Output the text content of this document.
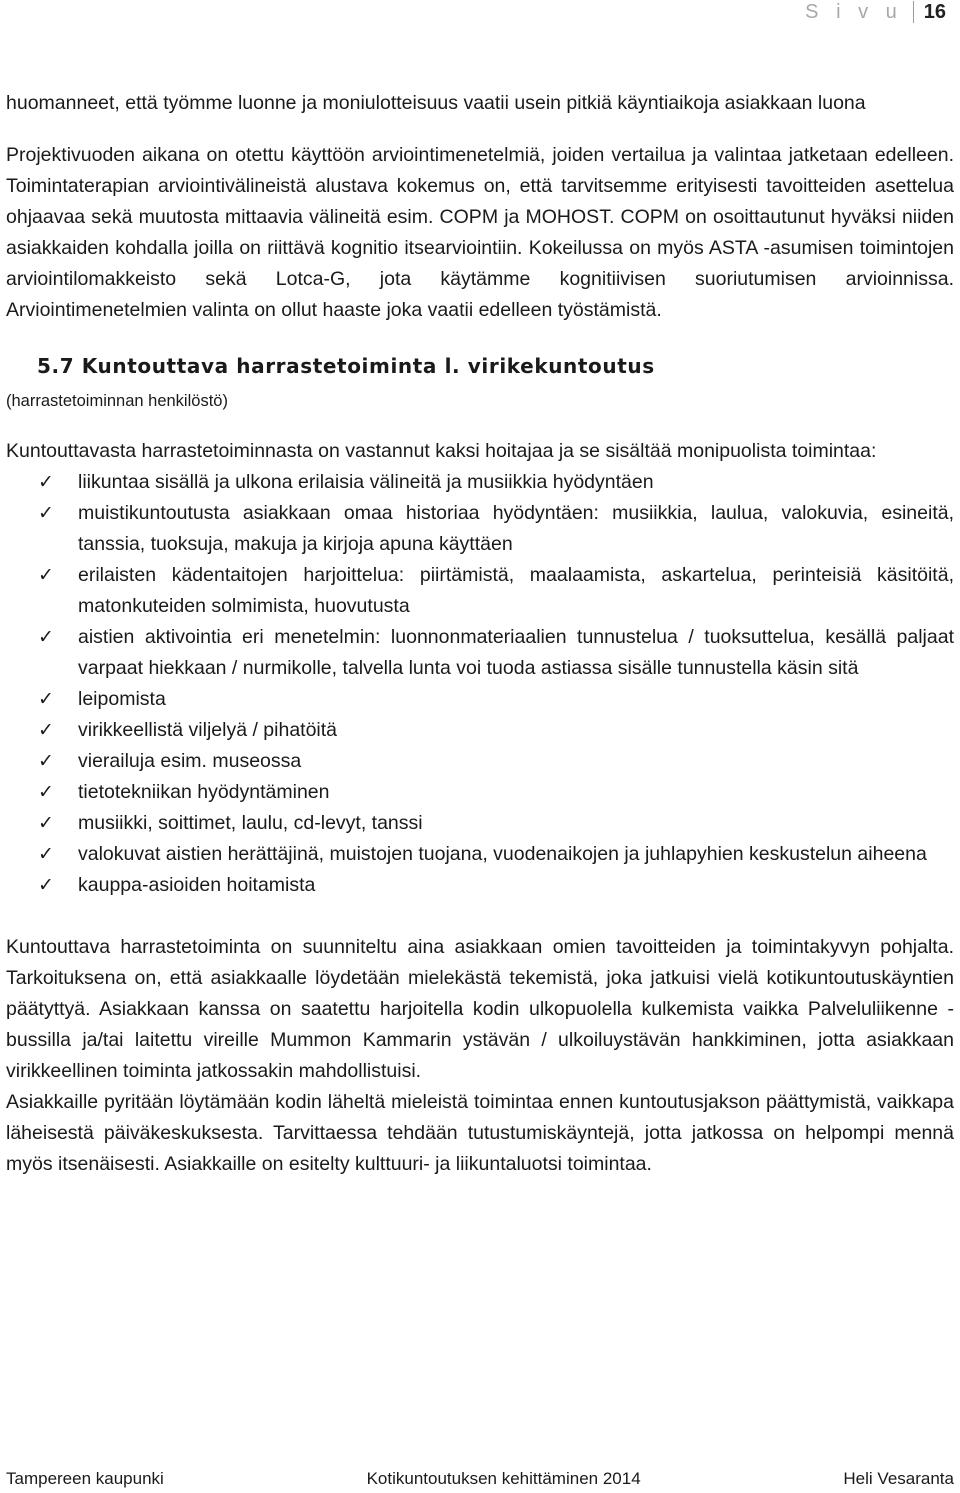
S i v u	16

huomanneet, että työmme luonne ja moniulotteisuus vaatii usein pitkiä käyntiaikoja asiakkaan luona

Projektivuoden aikana on otettu käyttöön arviointimenetelmiä, joiden vertailua ja valintaa jatketaan edelleen. Toimintaterapian arviointivälineistä alustava kokemus on, että tarvitsemme erityisesti tavoitteiden asettelua ohjaavaa sekä muutosta mittaavia välineitä esim. COPM ja MOHOST. COPM on osoittautunut hyväksi niiden asiakkaiden kohdalla joilla on riittävä kognitio itsearviointiin. Kokeilussa on myös ASTA -asumisen toimintojen arviointilomakkeisto sekä Lotca-G, jota käytämme kognitiivisen suoriutumisen arvioinnissa. Arviointimenetelmien valinta on ollut haaste joka vaatii edelleen työstämistä.

5.7 Kuntouttava harrastetoiminta l. virikekuntoutus
(harrastetoiminnan henkilöstö)

Kuntouttavasta harrastetoiminnasta on vastannut kaksi hoitajaa ja se sisältää monipuolista toimintaa:

✓ liikuntaa sisällä ja ulkona erilaisia välineitä ja musiikkia hyödyntäen
✓ muistikuntoutusta asiakkaan omaa historiaa hyödyntäen: musiikkia, laulua, valokuvia, esineitä, tanssia, tuoksuja, makuja ja kirjoja apuna käyttäen
✓ erilaisten kädentaitojen harjoittelua: piirtämistä, maalaamista, askartelua, perinteisiä käsitöitä, matonkuteiden solmimista, huovutusta
✓ aistien aktivointia eri menetelmin: luonnonmateriaalien tunnustelua / tuoksuttelua, kesällä paljaat varpaat hiekkaan / nurmikolle, talvella lunta voi tuoda astiassa sisälle tunnustella käsin sitä
✓ leipomista
✓ virikkeellistä viljelyä / pihatöitä
✓ vierailuja esim. museossa
✓ tietotekniikan hyödyntäminen
✓ musiikki, soittimet, laulu, cd-levyt, tanssi
✓ valokuvat aistien herättäjinä, muistojen tuojana, vuodenaikojen ja juhlapyhien keskustelun aiheena
✓ kauppa-asioiden hoitamista

Kuntouttava harrastetoiminta on suunniteltu aina asiakkaan omien tavoitteiden ja toimintakyvyn pohjalta. Tarkoituksena on, että asiakkaalle löydetään mielekästä tekemistä, joka jatkuisi vielä kotikuntoutuskäyntien päätyttyä. Asiakkaan kanssa on saatettu harjoitella kodin ulkopuolella kulkemista vaikka Palveluliikenne -bussilla ja/tai laitettu vireille Mummon Kammarin ystävän / ulkoiluystävän hankkiminen, jotta asiakkaan virikkeellinen toiminta jatkossakin mahdollistuisi.

Asiakkaille pyritään löytämään kodin läheltä mieleistä toimintaa ennen kuntoutusjakson päättymistä, vaikkapa läheisestä päiväkeskuksesta. Tarvittaessa tehdään tutustumiskäyntejä, jotta jatkossa on helpompi mennä myös itsenäisesti. Asiakkaille on esitelty kulttuuri- ja liikuntaluotsi toimintaa.

Tampereen kaupunki	Kotikuntoutuksen kehittäminen 2014	Heli Vesaranta
